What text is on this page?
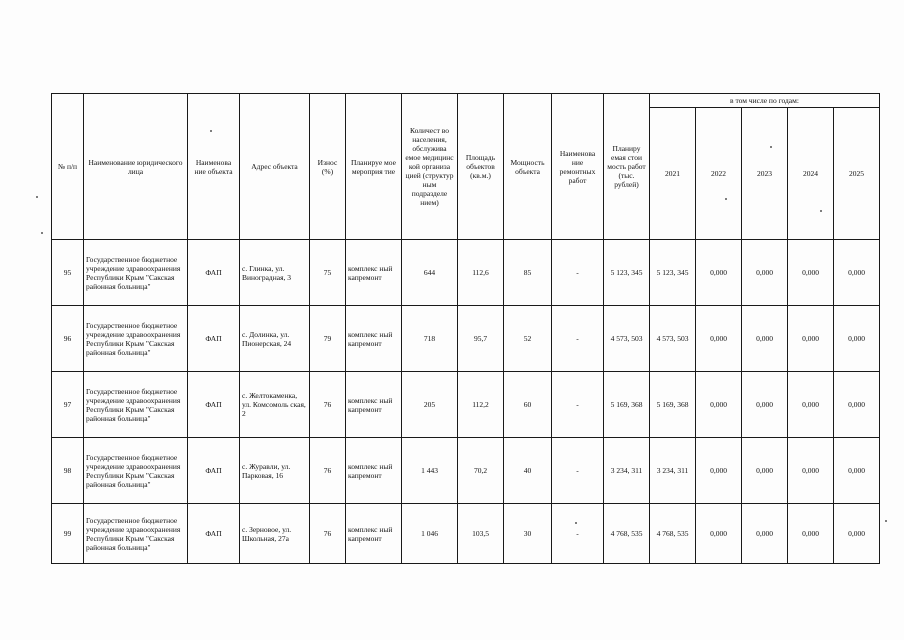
№ п/п	Наименование юридического лица	Наименова ние объекта	Адрес объекта	Износ (%)	Планируе мое мероприя тие	Количест во населения, обслужива емое медицинс кой организа цией (структур ным подразделе нием)	Площадь объектов (кв.м.)	Мощность объекта	Наименова ние ремонтных работ	Планиру емая стои мость работ (тыс. рублей)	в том числе по годам:				
											2021	2022	2023	2024	2025
95	Государственное бюджетное учреждение здравоохранения Республики Крым "Сакская районная больница"	ФАП	с. Глинка, ул. Виноградная, 3	75	комплекс ный капремонт	644	112,6	85	-	5 123, 345	5 123, 345	0,000	0,000	0,000	0,000
96	Государственное бюджетное учреждение здравоохранения Республики Крым "Сакская районная больница"	ФАП	с. Долинка, ул. Пионерская, 24	79	комплекс ный капремонт	718	95,7	52	-	4 573, 503	4 573, 503	0,000	0,000	0,000	0,000
97	Государственное бюджетное учреждение здравоохранения Республики Крым "Сакская районная больница"	ФАП	с. Желтокаменка, ул. Комсомоль ская, 2	76	комплекс ный капремонт	205	112,2	60	-	5 169, 368	5 169, 368	0,000	0,000	0,000	0,000
98	Государственное бюджетное учреждение здравоохранения Республики Крым "Сакская районная больница"	ФАП	с. Журавли, ул. Парковая, 16	76	комплекс ный капремонт	1 443	70,2	40	-	3 234, 311	3 234, 311	0,000	0,000	0,000	0,000
99	Государственное бюджетное учреждение здравоохранения Республики Крым "Сакская районная больница"	ФАП	с. Зерновое, ул. Школьная, 27а	76	комплекс ный капремонт	1 046	103,5	30	-	4 768, 535	4 768, 535	0,000	0,000	0,000	0,000
